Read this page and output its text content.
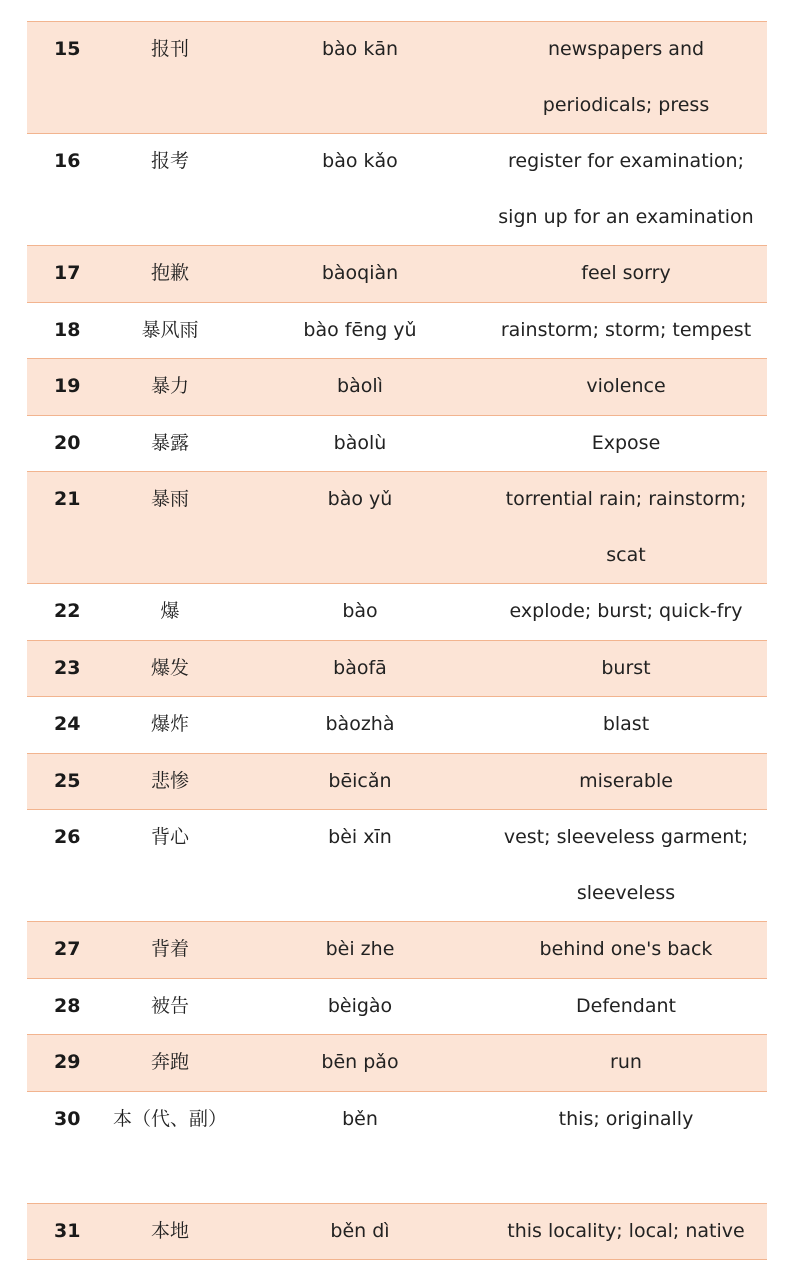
15	报刊	bào kān	newspapers and periodicals; press
16	报考	bào kǎo	register for examination; sign up for an examination
17	抱歉	bàoqiàn	feel sorry
18	暴风雨	bào fēng yǔ	rainstorm; storm; tempest
19	暴力	bàolì	violence
20	暴露	bàolù	Expose
21	暴雨	bào yǔ	torrential rain; rainstorm; scat
22	爆	bào	explode; burst; quick-fry
23	爆发	bàofā	burst
24	爆炸	bàozhà	blast
25	悲惨	bēicǎn	miserable
26	背心	bèi xīn	vest; sleeveless garment; sleeveless
27	背着	bèi zhe	behind one's back
28	被告	bèigào	Defendant
29	奔跑	bēn pǎo	run
30	本（代、副）	běn	this; originally
31	本地	běn dì	this locality; local; native
